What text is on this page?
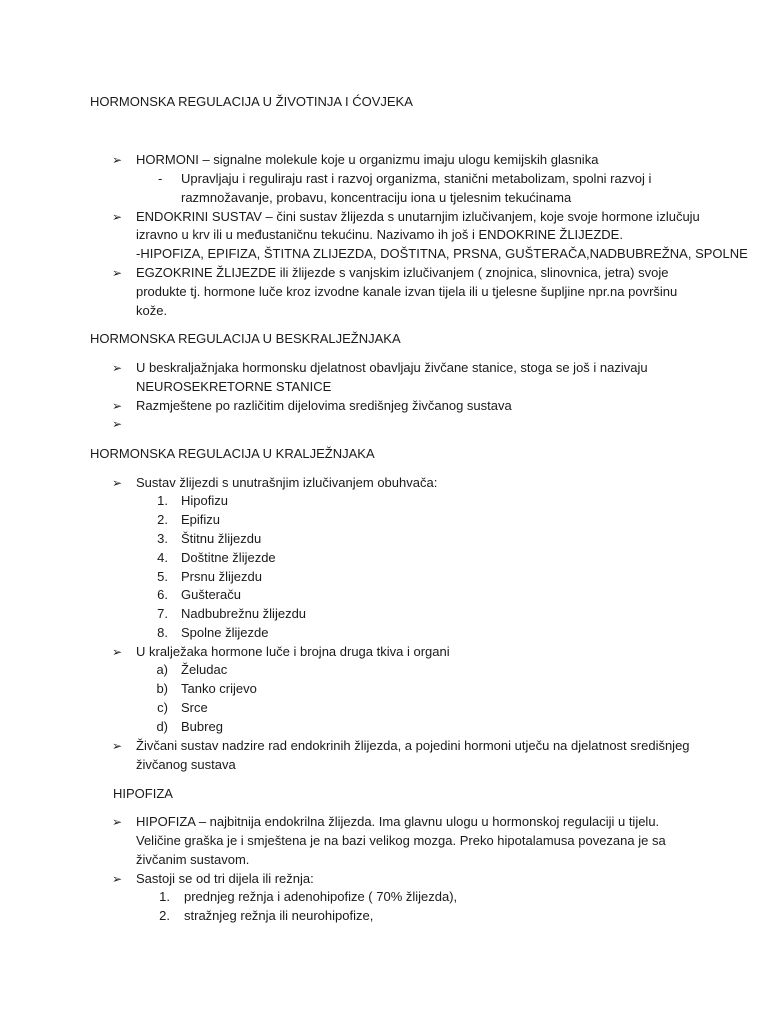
HORMONSKA REGULACIJA U ŽIVOTINJA I ĆOVJEKA
➢
HORMONI – signalne molekule koje u organizmu imaju ulogu kemijskih glasnika
- Upravljaju i reguliraju rast i razvoj organizma, stanični metabolizam, spolni razvoj i
razmnožavanje, probavu, koncentraciju iona u tjelesnim tekućinama
➢
ENDOKRINI SUSTAV – čini sustav žlijezda s unutarnjim izlučivanjem, koje svoje hormone izlučuju
izravno u krv ili u međustaničnu tekućinu. Nazivamo ih još i ENDOKRINE ŽLIJEZDE.
-HIPOFIZA, EPIFIZA, ŠTITNA ZLIJEZDA, DOŠTITNA, PRSNA, GUŠTERAČA,NADBUBREŽNA, SPOLNE
➢
EGZOKRINE ŽLIJEZDE ili žlijezde s vanjskim izlučivanjem ( znojnica, slinovnica, jetra) svoje
produkte tj. hormone luče kroz izvodne kanale izvan tijela ili u tjelesne šupljine npr.na površinu
kože.
HORMONSKA REGULACIJA U BESKRALJEŽNJAKA
➢
U beskraljažnjaka hormonsku djelatnost obavljaju živčane stanice, stoga se još i nazivaju
NEUROSEKRETORNE STANICE
➢
Razmještene po različitim dijelovima središnjeg živčanog sustava
➢
HORMONSKA REGULACIJA U KRALJEŽNJAKA
➢
Sustav žlijezdi s unutrašnjim izlučivanjem obuhvača:
1. Hipofizu
2. Epifizu
3. Štitnu žlijezdu
4. Doštitne žlijezde
5. Prsnu žlijezdu
6. Gušteraču
7. Nadbubrežnu žlijezdu
8. Spolne žlijezde
➢
U kralježaka hormone luče i brojna druga tkiva i organi
a) Želudac
b) Tanko crijevo
c) Srce
d) Bubreg
➢
Živčani sustav nadzire rad endokrinih žlijezda, a pojedini hormoni utječu na djelatnost središnjeg
živčanog sustava
HIPOFIZA
➢
HIPOFIZA – najbitnija endokrilna žlijezda. Ima glavnu ulogu u hormonskoj regulaciji u tijelu.
Veličine graška je i smještena je na bazi velikog mozga. Preko hipotalamusa povezana je sa
živčanim sustavom.
➢
Sastoji se od tri dijela ili režnja:
1. prednjeg režnja i adenohipofize ( 70% žlijezda),
2. stražnjeg režnja ili neurohipofize,
